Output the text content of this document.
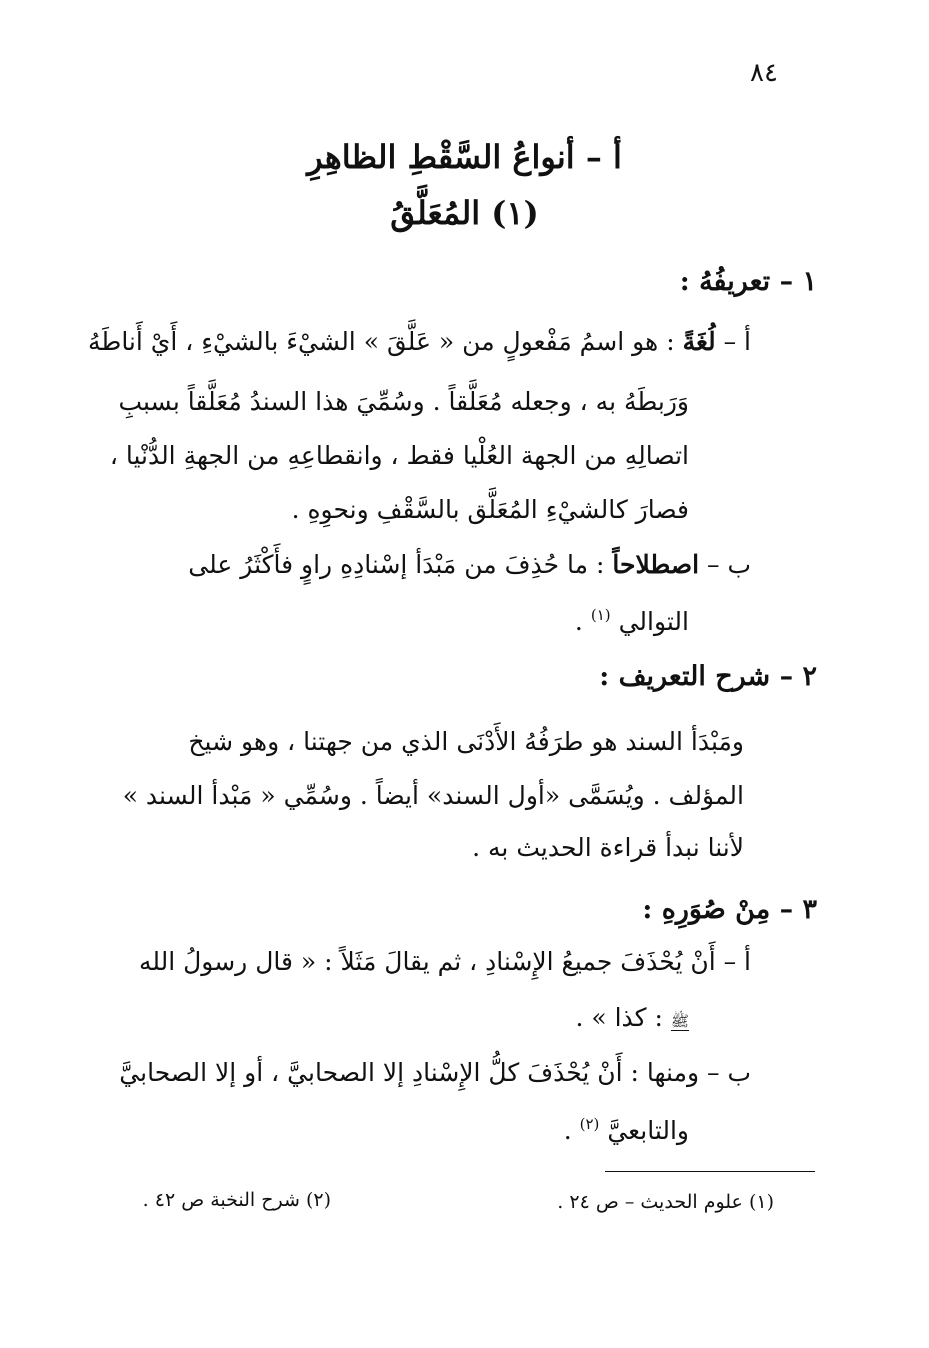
٨٤
أ – أنواعُ السَّقْطِ الظاهِرِ
(١) المُعَلَّقُ
١ – تعريفُهُ :
أ – لُغَةً : هو اسمُ مَفْعولٍ من « عَلَّقَ » الشيْءَ بالشيْءِ ، أَيْ أَناطَهُ
وَرَبطَهُ به ، وجعله مُعَلَّقاً . وسُمِّيَ هذا السندُ مُعَلَّقاً بسببِ
اتصالِهِ من الجهة العُلْيا فقط ، وانقطاعِهِ من الجهةِ الدُّنْيا ،
فصارَ كالشيْءِ المُعَلَّق بالسَّقْفِ ونحوِهِ .
ب – اصطلاحاً : ما حُذِفَ من مَبْدَأ إسْنادِهِ راوٍ فأَكْثَرُ على
التوالي $^{(١)}$ .
٢ – شرح التعريف :
ومَبْدَأ السند هو طرَفُهُ الأَدْنَى الذي من جهتنا ، وهو شيخ
المؤلف . ويُسَمَّى «أول السند» أيضاً . وسُمِّي « مَبْدأ السند »
لأننا نبدأ قراءة الحديث به .
٣ – مِنْ صُوَرِهِ :
أ – أَنْ يُحْذَفَ جميعُ الإِسْنادِ ، ثم يقالَ مَثَلاً : « قال رسولُ الله
ﷺ : كذا » .
ب – ومنها : أَنْ يُحْذَفَ كلُّ الإِسْنادِ إلا الصحابيَّ ، أو إلا الصحابيَّ
والتابعيَّ $^{(٢)}$ .
(١) علوم الحديث – ص ٢٤ .
(٢) شرح النخبة ص ٤٢ .
